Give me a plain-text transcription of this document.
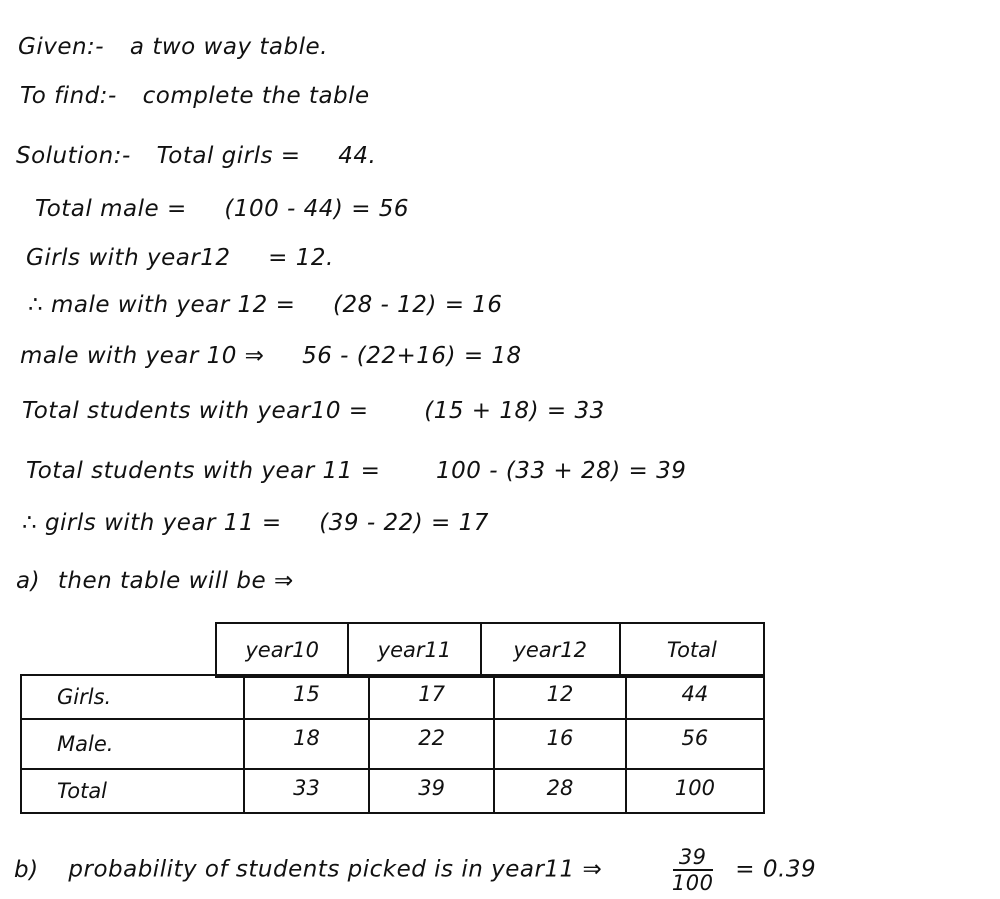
Given:- a two way table.
To find:- complete the table
Solution:- Total girls = 44.
Total male = (100 - 44) = 56
Girls with year12 = 12.
∴ male with year 12 = (28 - 12) = 16
male with year 10 ⇒ 56 - (22+16) = 18
Total students with year10 = (15 + 18) = 33
Total students with year 11 = 100 - (33 + 28) = 39
∴ girls with year 11 = (39 - 22) = 17
a) then table will be ⇒
year10	year11	year12	Total
Girls.	15	17	12	44
Male.	18	22	16	56
Total	33	39	28	100
b) probability of students picked is in year11 ⇒	$\frac{39}{100} = 0.39$
